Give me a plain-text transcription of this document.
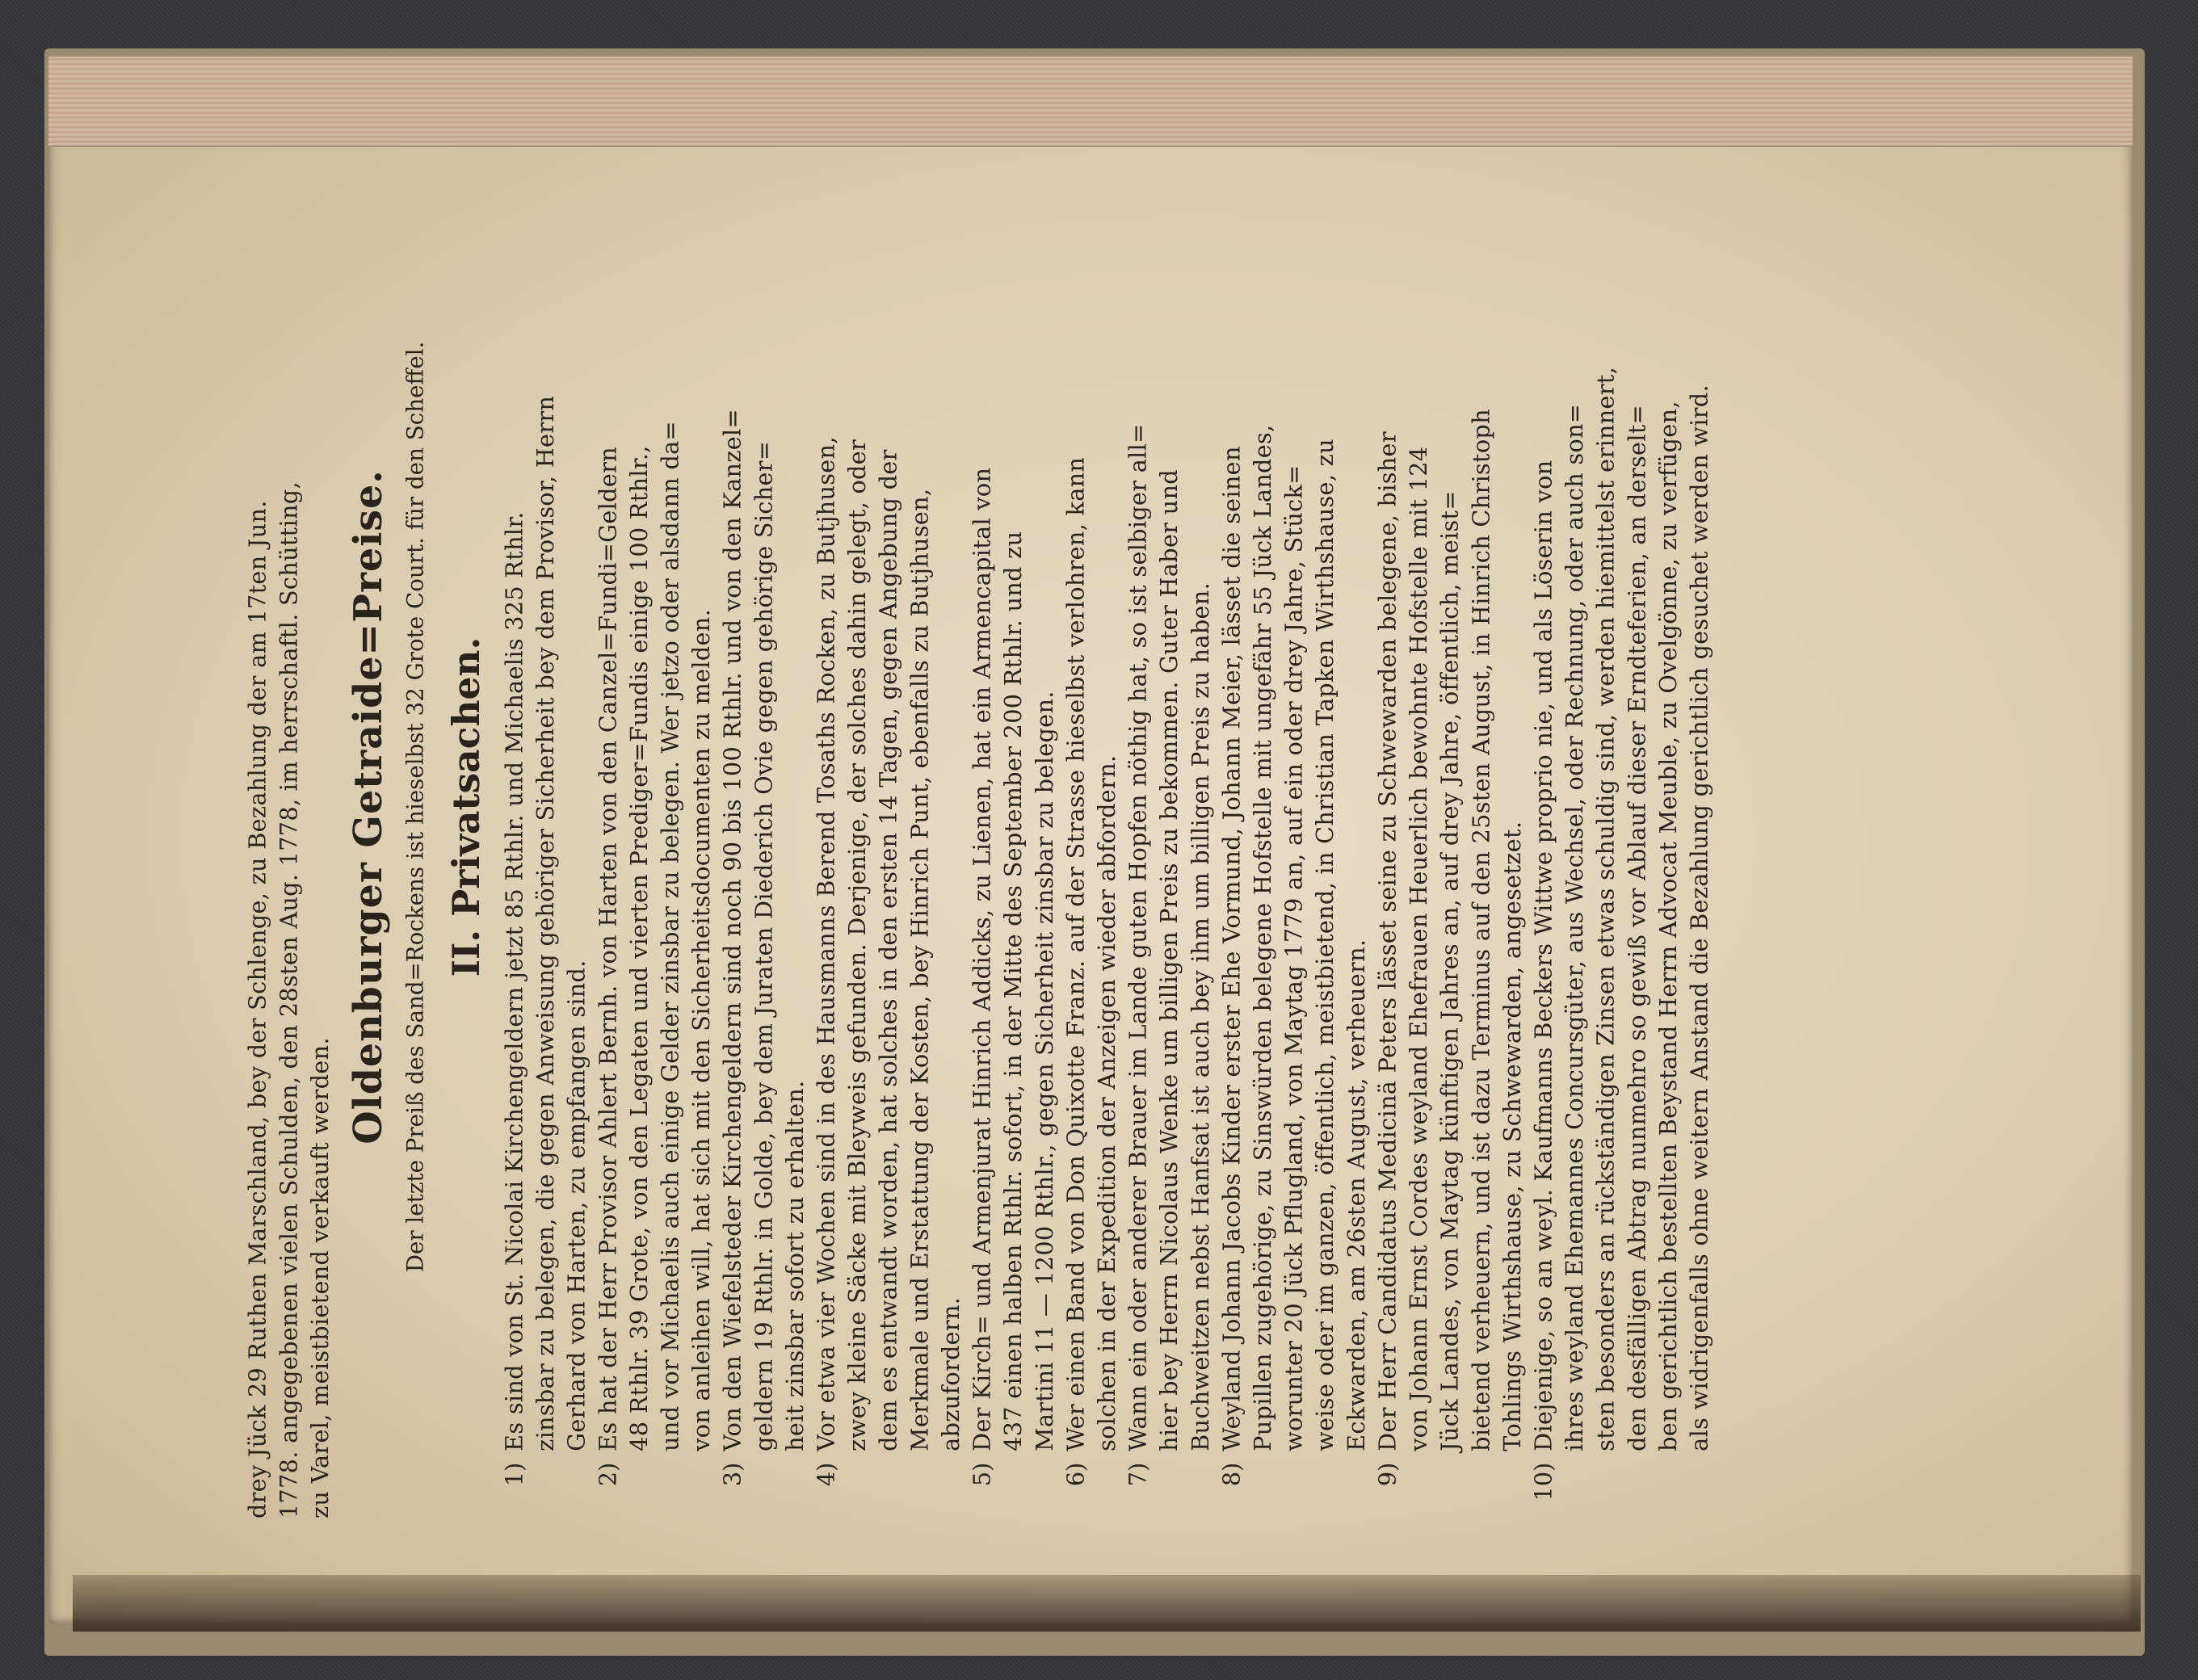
drey Jück 29 Ruthen Marschland, bey der Schlenge, zu Bezahlung der am 17ten Jun. 1778. angegebenen vielen Schulden, den 28sten Aug. 1778, im herrschaftl. Schütting, zu Varel, meistbietend verkauft werden.

Oldenburger Getraide=Preise. Der letzte Preiß des Sand=Rockens ist hieselbst 32 Grote Court. für den Scheffel. II. Privatsachen.
1)

Es sind von St. Nicolai Kirchengeldern jetzt 85 Rthlr. und Michaelis 325 Rthlr. zinsbar zu belegen, die gegen Anweisung gehöriger Sicherheit bey dem Provisor, Herrn Gerhard von Harten, zu empfangen sind.

2)

Es hat der Herr Provisor Ahlert Bernh. von Harten von den Canzel=Fundi=Geldern 48 Rthlr. 39 Grote, von den Legaten und vierten Prediger=Fundis einige 100 Rthlr., und vor Michaelis auch einige Gelder zinsbar zu belegen. Wer jetzo oder alsdann da= von anleihen will, hat sich mit den Sicherheitsdocumenten zu melden.

3)

Von den Wiefelsteder Kirchengeldern sind noch 90 bis 100 Rthlr. und von den Kanzel= geldern 19 Rthlr. in Golde, bey dem Juraten Diederich Ovie gegen gehörige Sicher= heit zinsbar sofort zu erhalten.

4)

Vor etwa vier Wochen sind in des Hausmanns Berend Tosaths Rocken, zu Butjhusen, zwey kleine Säcke mit Bleyweis gefunden. Derjenige, der solches dahin gelegt, oder dem es entwandt worden, hat solches in den ersten 14 Tagen, gegen Angebung der Merkmale und Erstattung der Kosten, bey Hinrich Punt, ebenfalls zu Butjhusen, abzufordern.

5)

Der Kirch= und Armenjurat Hinrich Addicks, zu Lienen, hat ein Armencapital von 437 einen halben Rthlr. sofort, in der Mitte des September 200 Rthlr. und zu Martini 11 — 1200 Rthlr., gegen Sicherheit zinsbar zu belegen.

6)

Wer einen Band von Don Quixotte Franz. auf der Strasse hieselbst verlohren, kann solchen in der Expedition der Anzeigen wieder abfordern.

7)

Wann ein oder anderer Brauer im Lande guten Hopfen nöthig hat, so ist selbiger all= hier bey Herrn Nicolaus Wenke um billigen Preis zu bekommen. Guter Haber und Buchweitzen nebst Hanfsat ist auch bey ihm um billigen Preis zu haben.

8)

Weyland Johann Jacobs Kinder erster Ehe Vormund, Johann Meier, lässet die seinen Pupillen zugehörige, zu Sinswürden belegene Hofstelle mit ungefähr 55 Jück Landes, worunter 20 Jück Pflugland, von Maytag 1779 an, auf ein oder drey Jahre, Stück= weise oder im ganzen, öffentlich, meistbietend, in Christian Tapken Wirthshause, zu Eckwarden, am 26sten August, verheuern.

9)

Der Herr Candidatus Medicinä Peters lässet seine zu Schwewarden belegene, bisher von Johann Ernst Cordes weyland Ehefrauen Heuerlich bewohnte Hofstelle mit 124 Jück Landes, von Maytag künftigen Jahres an, auf drey Jahre, öffentlich, meist= bietend verheuern, und ist dazu Terminus auf den 25sten August, in Hinrich Christoph Tohlings Wirthshause, zu Schwewarden, angesetzet.

10)

Diejenige, so an weyl. Kaufmanns Beckers Wittwe proprio nie, und als Löserin von ihres weyland Ehemannes Concursgüter, aus Wechsel, oder Rechnung, oder auch son= sten besonders an rückständigen Zinsen etwas schuldig sind, werden hiemittelst erinnert, den desfälligen Abtrag nunmehro so gewiß vor Ablauf dieser Erndteferien, an derselt= ben gerichtlich bestellten Beystand Herrn Advocat Meuble, zu Ovelgönne, zu verfügen, als widrigenfalls ohne weitern Anstand die Bezahlung gerichtlich gesuchet werden wird.
